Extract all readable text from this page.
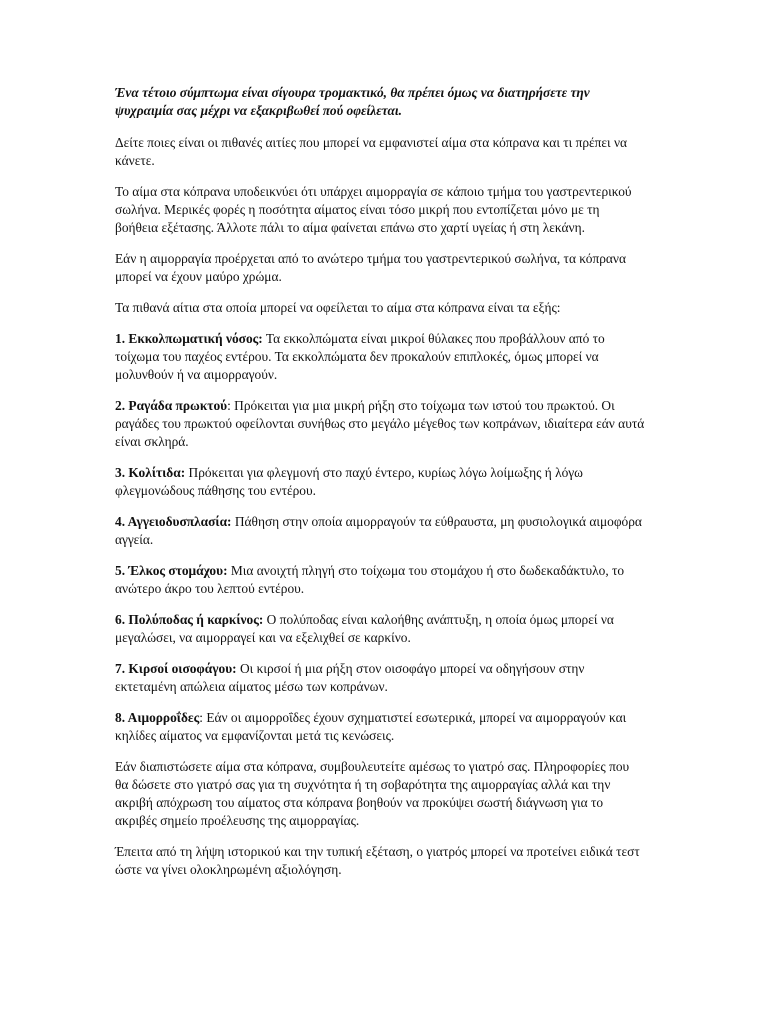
Ένα τέτοιο σύμπτωμα είναι σίγουρα τρομακτικό, θα πρέπει όμως να διατηρήσετε την ψυχραιμία σας μέχρι να εξακριβωθεί πού οφείλεται.

Δείτε ποιες είναι οι πιθανές αιτίες που μπορεί να εμφανιστεί αίμα στα κόπρανα και τι πρέπει να κάνετε.

Το αίμα στα κόπρανα υποδεικνύει ότι υπάρχει αιμορραγία σε κάποιο τμήμα του γαστρεντερικού σωλήνα. Μερικές φορές η ποσότητα αίματος είναι τόσο μικρή που εντοπίζεται μόνο με τη βοήθεια εξέτασης. Άλλοτε πάλι το αίμα φαίνεται επάνω στο χαρτί υγείας ή στη λεκάνη.

Εάν η αιμορραγία προέρχεται από το ανώτερο τμήμα του γαστρεντερικού σωλήνα, τα κόπρανα μπορεί να έχουν μαύρο χρώμα.

Τα πιθανά αίτια στα οποία μπορεί να οφείλεται το αίμα στα κόπρανα είναι τα εξής:

1. Εκκολπωματική νόσος: Τα εκκολπώματα είναι μικροί θύλακες που προβάλλουν από το τοίχωμα του παχέος εντέρου. Τα εκκολπώματα δεν προκαλούν επιπλοκές, όμως μπορεί να μολυνθούν ή να αιμορραγούν.

2. Ραγάδα πρωκτού: Πρόκειται για μια μικρή ρήξη στο τοίχωμα των ιστού του πρωκτού. Οι ραγάδες του πρωκτού οφείλονται συνήθως στο μεγάλο μέγεθος των κοπράνων, ιδιαίτερα εάν αυτά είναι σκληρά.

3. Κολίτιδα: Πρόκειται για φλεγμονή στο παχύ έντερο, κυρίως λόγω λοίμωξης ή λόγω φλεγμονώδους πάθησης του εντέρου.

4. Αγγειοδυσπλασία: Πάθηση στην οποία αιμορραγούν τα εύθραυστα, μη φυσιολογικά αιμοφόρα αγγεία.

5. Έλκος στομάχου: Μια ανοιχτή πληγή στο τοίχωμα του στομάχου ή στο δωδεκαδάκτυλο, το ανώτερο άκρο του λεπτού εντέρου.

6. Πολύποδας ή καρκίνος: Ο πολύποδας είναι καλοήθης ανάπτυξη, η οποία όμως μπορεί να μεγαλώσει, να αιμορραγεί και να εξελιχθεί σε καρκίνο.

7. Κιρσοί οισοφάγου: Οι κιρσοί ή μια ρήξη στον οισοφάγο μπορεί να οδηγήσουν στην εκτεταμένη απώλεια αίματος μέσω των κοπράνων.

8. Αιμορροΐδες: Εάν οι αιμορροΐδες έχουν σχηματιστεί εσωτερικά, μπορεί να αιμορραγούν και κηλίδες αίματος να εμφανίζονται μετά τις κενώσεις.

Εάν διαπιστώσετε αίμα στα κόπρανα, συμβουλευτείτε αμέσως το γιατρό σας. Πληροφορίες που θα δώσετε στο γιατρό σας για τη συχνότητα ή τη σοβαρότητα της αιμορραγίας αλλά και την ακριβή απόχρωση του αίματος στα κόπρανα βοηθούν να προκύψει σωστή διάγνωση για το ακριβές σημείο προέλευσης της αιμορραγίας.

Έπειτα από τη λήψη ιστορικού και την τυπική εξέταση, ο γιατρός μπορεί να προτείνει ειδικά τεστ ώστε να γίνει ολοκληρωμένη αξιολόγηση.
